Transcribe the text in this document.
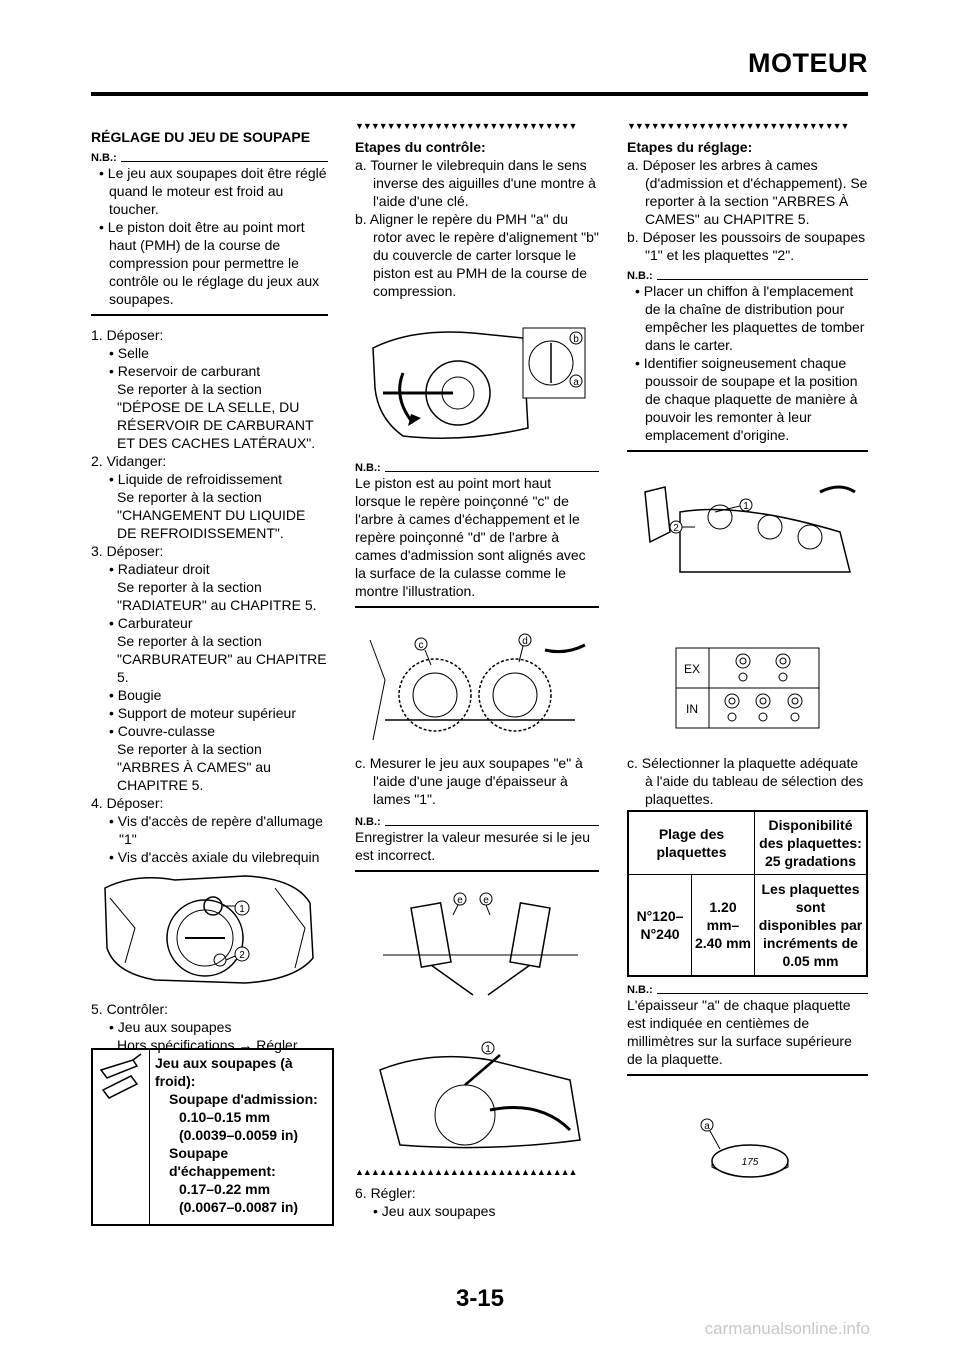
MOTEUR
RÉGLAGE DU JEU DE SOUPAPE
N.B.:
• Le jeu aux soupapes doit être réglé quand le moteur est froid au toucher.
• Le piston doit être au point mort haut (PMH) de la course de compression pour permettre le contrôle ou le réglage du jeux aux soupapes.
1. Déposer:
• Selle
• Reservoir de carburant
Se reporter à la section "DÉPOSE DE LA SELLE, DU RÉSERVOIR DE CARBURANT ET DES CACHES LATÉRAUX".
2. Vidanger:
• Liquide de refroidissement
Se reporter à la section "CHANGEMENT DU LIQUIDE DE REFROIDISSEMENT".
3. Déposer:
• Radiateur droit
Se reporter à la section "RADIATEUR" au CHAPITRE 5.
• Carburateur
Se reporter à la section "CARBURATEUR" au CHAPITRE 5.
• Bougie
• Support de moteur supérieur
• Couvre-culasse
Se reporter à la section "ARBRES À CAMES" au CHAPITRE 5.
4. Déposer:
• Vis d'accès de repère d'allumage "1"
• Vis d'accès axiale du vilebrequin
1
2
5. Contrôler:
• Jeu aux soupapes
Hors spécifications → Régler.
Jeu aux soupapes (à froid):
Soupape d'admission:
0.10–0.15 mm
(0.0039–0.0059 in)
Soupape d'échappement:
0.17–0.22 mm
(0.0067–0.0087 in)
▼▼▼▼▼▼▼▼▼▼▼▼▼▼▼▼▼▼▼▼▼▼▼▼▼▼▼▼
Etapes du contrôle:
a. Tourner le vilebrequin dans le sens inverse des aiguilles d'une montre à l'aide d'une clé.
b. Aligner le repère du PMH "a" du rotor avec le repère d'alignement "b" du couvercle de carter lorsque le piston est au PMH de la course de compression.
b
a
N.B.:
Le piston est au point mort haut lorsque le repère poinçonné "c" de l'arbre à cames d'échappement et le repère poinçonné "d" de l'arbre à cames d'admission sont alignés avec la surface de la culasse comme le montre l'illustration.
c	d
c. Mesurer le jeu aux soupapes "e" à l'aide d'une jauge d'épaisseur à lames "1".
N.B.:
Enregistrer la valeur mesurée si le jeu est incorrect.
e e
1
▲▲▲▲▲▲▲▲▲▲▲▲▲▲▲▲▲▲▲▲▲▲▲▲▲▲▲▲
6. Régler:
• Jeu aux soupapes
▼▼▼▼▼▼▼▼▼▼▼▼▼▼▼▼▼▼▼▼▼▼▼▼▼▼▼▼
Etapes du réglage:
a. Déposer les arbres à cames (d'admission et d'échappement). Se reporter à la section "ARBRES À CAMES" au CHAPITRE 5.
b. Déposer les poussoirs de soupapes "1" et les plaquettes "2".
N.B.:
• Placer un chiffon à l'emplacement de la chaîne de distribution pour empêcher les plaquettes de tomber dans le carter.
• Identifier soigneusement chaque poussoir de soupape et la position de chaque plaquette de manière à pouvoir les remonter à leur emplacement d'origine.
1
2
EX
IN
c. Sélectionner la plaquette adéquate à l'aide du tableau de sélection des plaquettes.
Plage des plaquettes		Disponibilité des plaquettes: 25 gradations
N°120– N°240	1.20 mm– 2.40 mm	Les plaquettes sont disponibles par incréments de 0.05 mm
N.B.:
L'épaisseur "a" de chaque plaquette est indiquée en centièmes de millimètres sur la surface supérieure de la plaquette.
175
a
3-15
carmanualsonline.info
